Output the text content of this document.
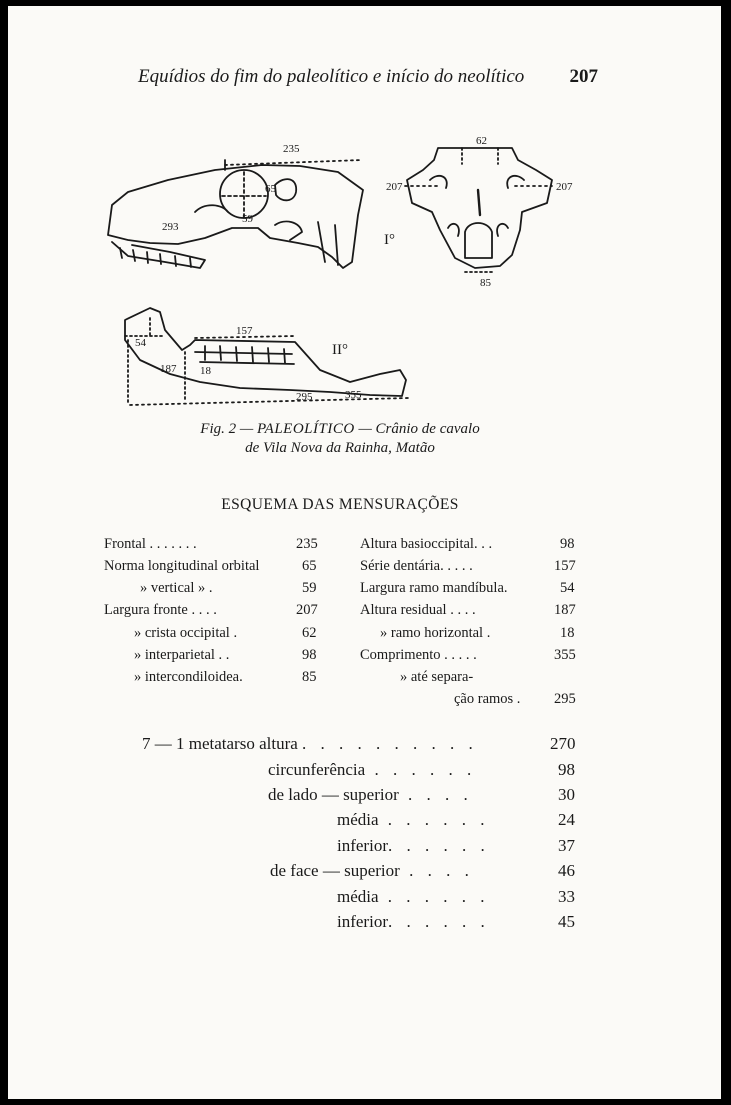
Equídios do fim do paleolítico e início do neolítico 207
235
65
59
293
207	207
62
85
I°
54
157
187 18
295	355
II°
Fig. 2 — PALEOLÍTICO — Crânio de cavalo
de Vila Nova da Rainha, Matão
ESQUEMA DAS MENSURAÇÕES
Frontal . . . . . . .	235
Norma longitudinal orbital	65
» vertical » .	59
Largura fronte . . . .	207
» crista occipital .	62
» interparietal . .	98
» intercondiloidea.	85
Altura basioccipital. . .	98
Série dentária. . . . .	157
Largura ramo mandíbula.	54
Altura residual . . . .	187
» ramo horizontal .	18
Comprimento . . . . .	355
» até separa-
ção ramos . 295
7 — 1 metatarso altura . . . . . . . . . .	270
circunferência . . . . . .	98
de lado — superior . . . .	30
média . . . . . .	24
inferior. . . . . .	37
de face — superior . . . .	46
média . . . . . .	33
inferior. . . . . .	45
